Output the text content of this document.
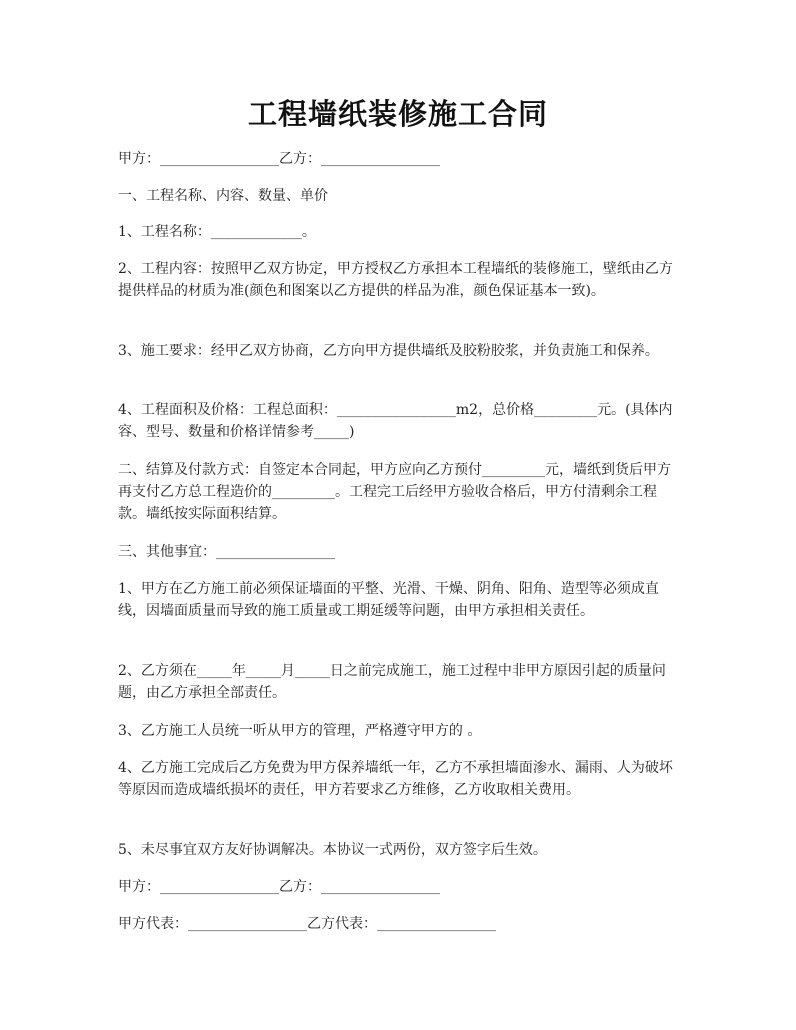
工程墙纸装修施工合同
甲方：_________________乙方：_________________
一、工程名称、内容、数量、单价
1、工程名称：_____________。
2、工程内容：按照甲乙双方协定，甲方授权乙方承担本工程墙纸的装修施工，壁纸由乙方提供样品的材质为准(颜色和图案以乙方提供的样品为准，颜色保证基本一致)。
3、施工要求：经甲乙双方协商，乙方向甲方提供墙纸及胶粉胶浆，并负责施工和保养。
4、工程面积及价格：工程总面积：_________________m2，总价格_________元。(具体内容、型号、数量和价格详情参考_____)
二、结算及付款方式：自签定本合同起，甲方应向乙方预付_________元，墙纸到货后甲方再支付乙方总工程造价的_________。工程完工后经甲方验收合格后，甲方付清剩余工程款。墙纸按实际面积结算。
三、其他事宜：_________________
1、甲方在乙方施工前必须保证墙面的平整、光滑、干燥、阴角、阳角、造型等必须成直线，因墙面质量而导致的施工质量或工期延缓等问题，由甲方承担相关责任。
2、乙方须在_____年_____月_____日之前完成施工，施工过程中非甲方原因引起的质量问题，由乙方承担全部责任。
3、乙方施工人员统一听从甲方的管理，严格遵守甲方的 。
4、乙方施工完成后乙方免费为甲方保养墙纸一年，乙方不承担墙面渗水、漏雨、人为破坏等原因而造成墙纸损坏的责任，甲方若要求乙方维修，乙方收取相关费用。
5、未尽事宜双方友好协调解决。本协议一式两份，双方签字后生效。
甲方：_________________乙方：_________________
甲方代表：_________________乙方代表：_________________
